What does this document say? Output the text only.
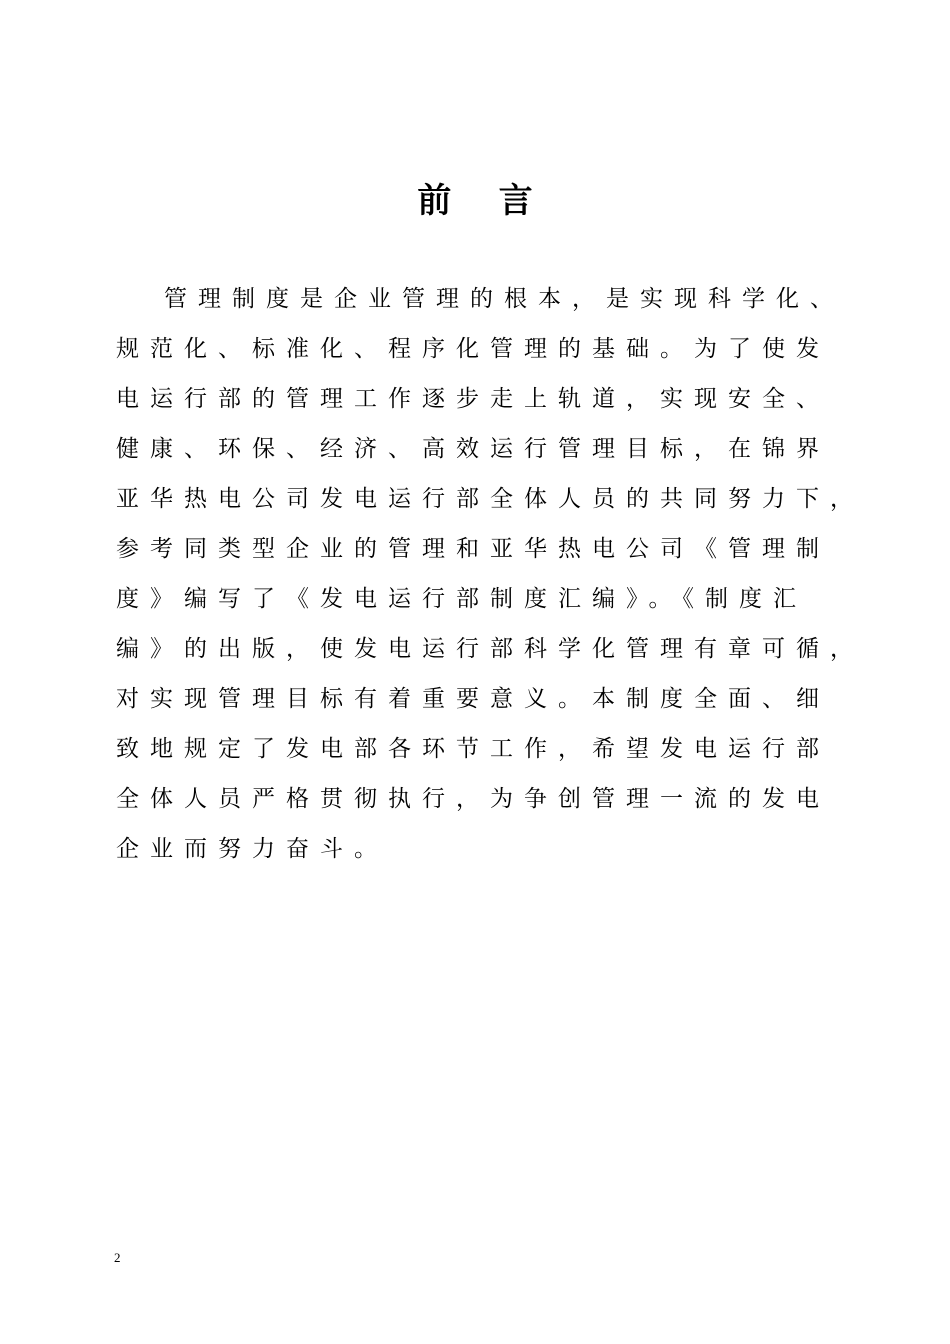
前    言
管理制度是企业管理的根本，是实现科学化、
规范化、标准化、程序化管理的基础。为了使发
电运行部的管理工作逐步走上轨道，实现安全、
健康、环保、经济、高效运行管理目标，在锦界
亚华热电公司发电运行部全体人员的共同努力下，
参考同类型企业的管理和亚华热电公司《管理制
度》编写了《发电运行部制度汇编》。《制度汇
编》的出版，使发电运行部科学化管理有章可循，
对实现管理目标有着重要意义。本制度全面、细
致地规定了发电部各环节工作，希望发电运行部
全体人员严格贯彻执行，为争创管理一流的发电
企业而努力奋斗。
2
